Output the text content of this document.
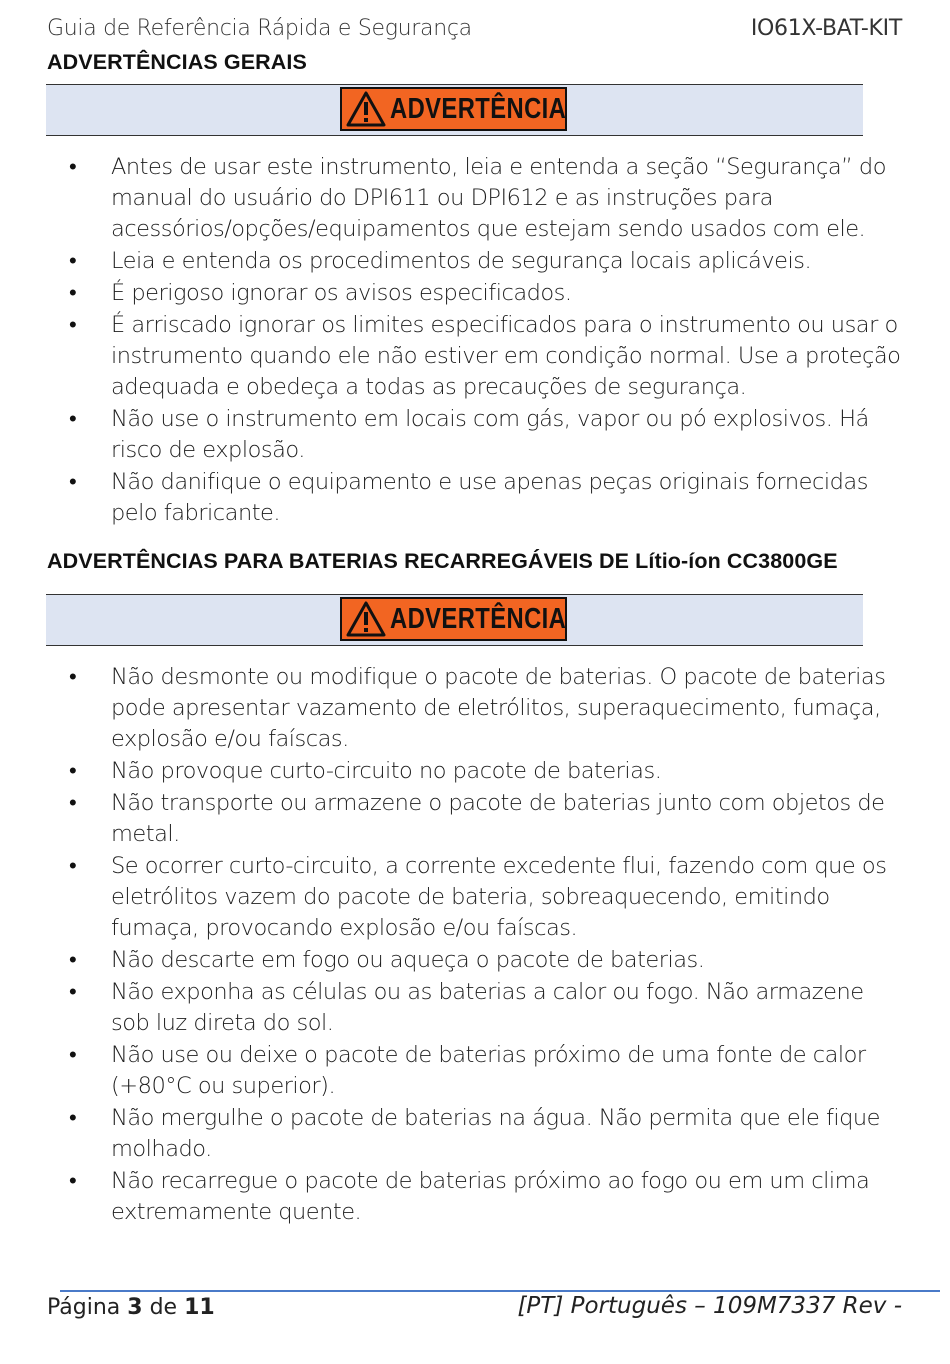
Guia de Referência Rápida e Segurança	IO61X-BAT-KIT
ADVERTÊNCIAS GERAIS
ADVERTÊNCIA
• Antes de usar este instrumento, leia e entenda a seção “Segurança” do manual do usuário do DPI611 ou DPI612 e as instruções para acessórios/opções/equipamentos que estejam sendo usados com ele.
• Leia e entenda os procedimentos de segurança locais aplicáveis.
• É perigoso ignorar os avisos especificados.
• É arriscado ignorar os limites especificados para o instrumento ou usar o instrumento quando ele não estiver em condição normal. Use a proteção adequada e obedeça a todas as precauções de segurança.
• Não use o instrumento em locais com gás, vapor ou pó explosivos. Há risco de explosão.
• Não danifique o equipamento e use apenas peças originais fornecidas pelo fabricante.
ADVERTÊNCIAS PARA BATERIAS RECARREGÁVEIS DE Lítio-íon CC3800GE
ADVERTÊNCIA
• Não desmonte ou modifique o pacote de baterias. O pacote de baterias pode apresentar vazamento de eletrólitos, superaquecimento, fumaça, explosão e/ou faíscas.
• Não provoque curto-circuito no pacote de baterias.
• Não transporte ou armazene o pacote de baterias junto com objetos de metal.
• Se ocorrer curto-circuito, a corrente excedente flui, fazendo com que os eletrólitos vazem do pacote de bateria, sobreaquecendo, emitindo fumaça, provocando explosão e/ou faíscas.
• Não descarte em fogo ou aqueça o pacote de baterias.
• Não exponha as células ou as baterias a calor ou fogo. Não armazene sob luz direta do sol.
• Não use ou deixe o pacote de baterias próximo de uma fonte de calor (+80°C ou superior).
• Não mergulhe o pacote de baterias na água. Não permita que ele fique molhado.
• Não recarregue o pacote de baterias próximo ao fogo ou em um clima extremamente quente.
Página 3 de 11	[PT] Português – 109M7337 Rev -
